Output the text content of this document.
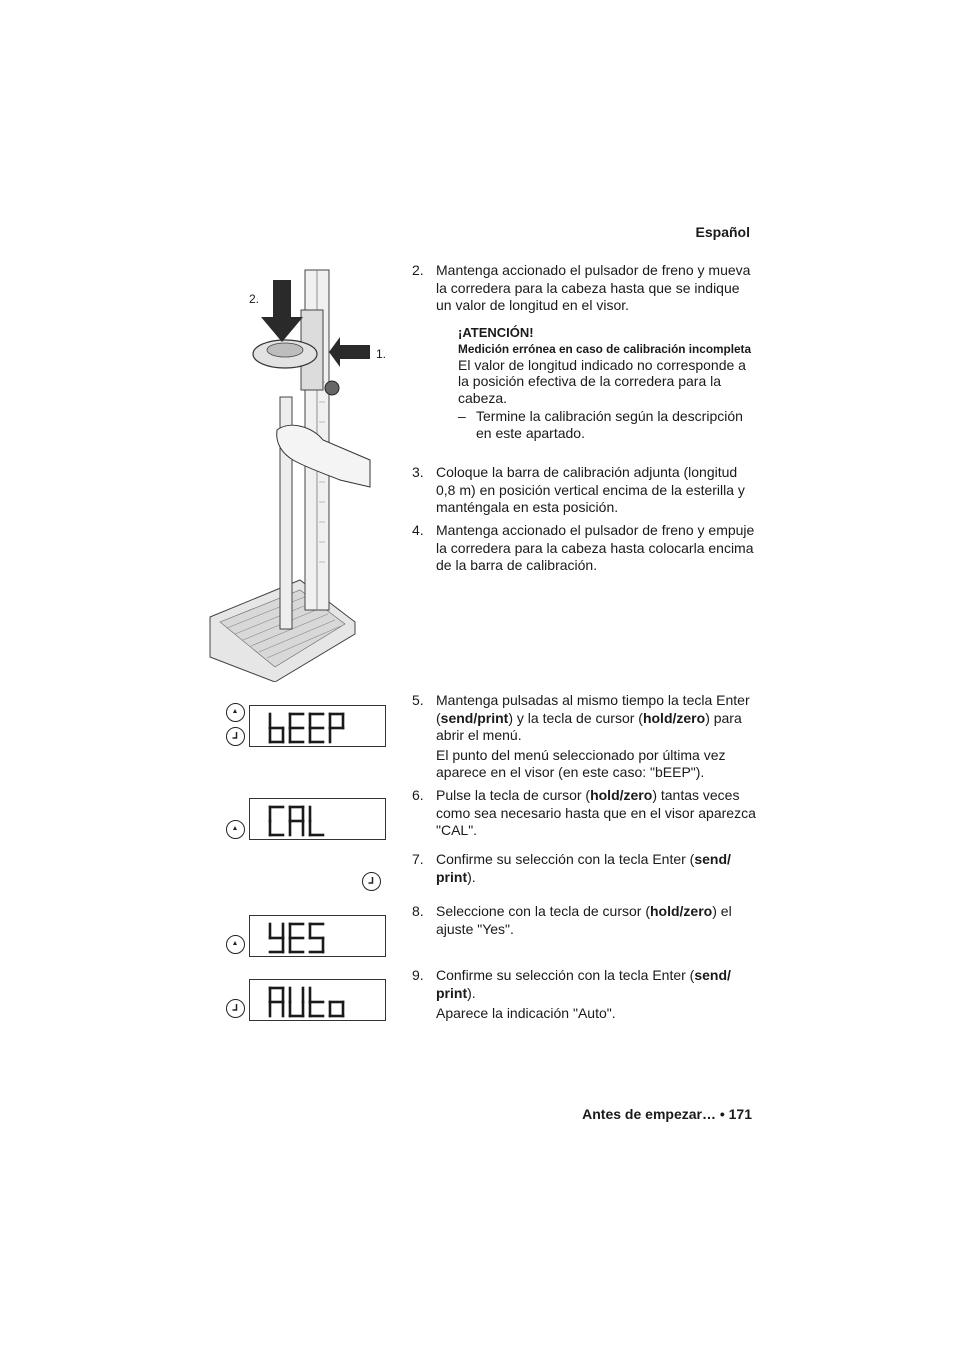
Español
2.
1.
2. Mantenga accionado el pulsador de freno y mueva la corredera para la cabeza hasta que se indique un valor de longitud en el visor.
¡ATENCIÓN!
Medición errónea en caso de calibración incompleta
El valor de longitud indicado no corresponde a la posición efectiva de la corredera para la cabeza.
– Termine la calibración según la descripción en este apartado.
3. Coloque la barra de calibración adjunta (longitud 0,8 m) en posición vertical encima de la esterilla y manténgala en esta posición.
4. Mantenga accionado el pulsador de freno y empuje la corredera para la cabeza hasta colocarla encima de la barra de calibración.
5. Mantenga pulsadas al mismo tiempo la tecla Enter (send/print) y la tecla de cursor (hold/zero) para abrir el menú.
El punto del menú seleccionado por última vez aparece en el visor (en este caso: "bEEP").
6. Pulse la tecla de cursor (hold/zero) tantas veces como sea necesario hasta que en el visor aparezca "CAL".
7. Confirme su selección con la tecla Enter (send/ print).
8. Seleccione con la tecla de cursor (hold/zero) el ajuste "Yes".
9. Confirme su selección con la tecla Enter (send/ print).
Aparece la indicación "Auto".
Antes de empezar… • 171
